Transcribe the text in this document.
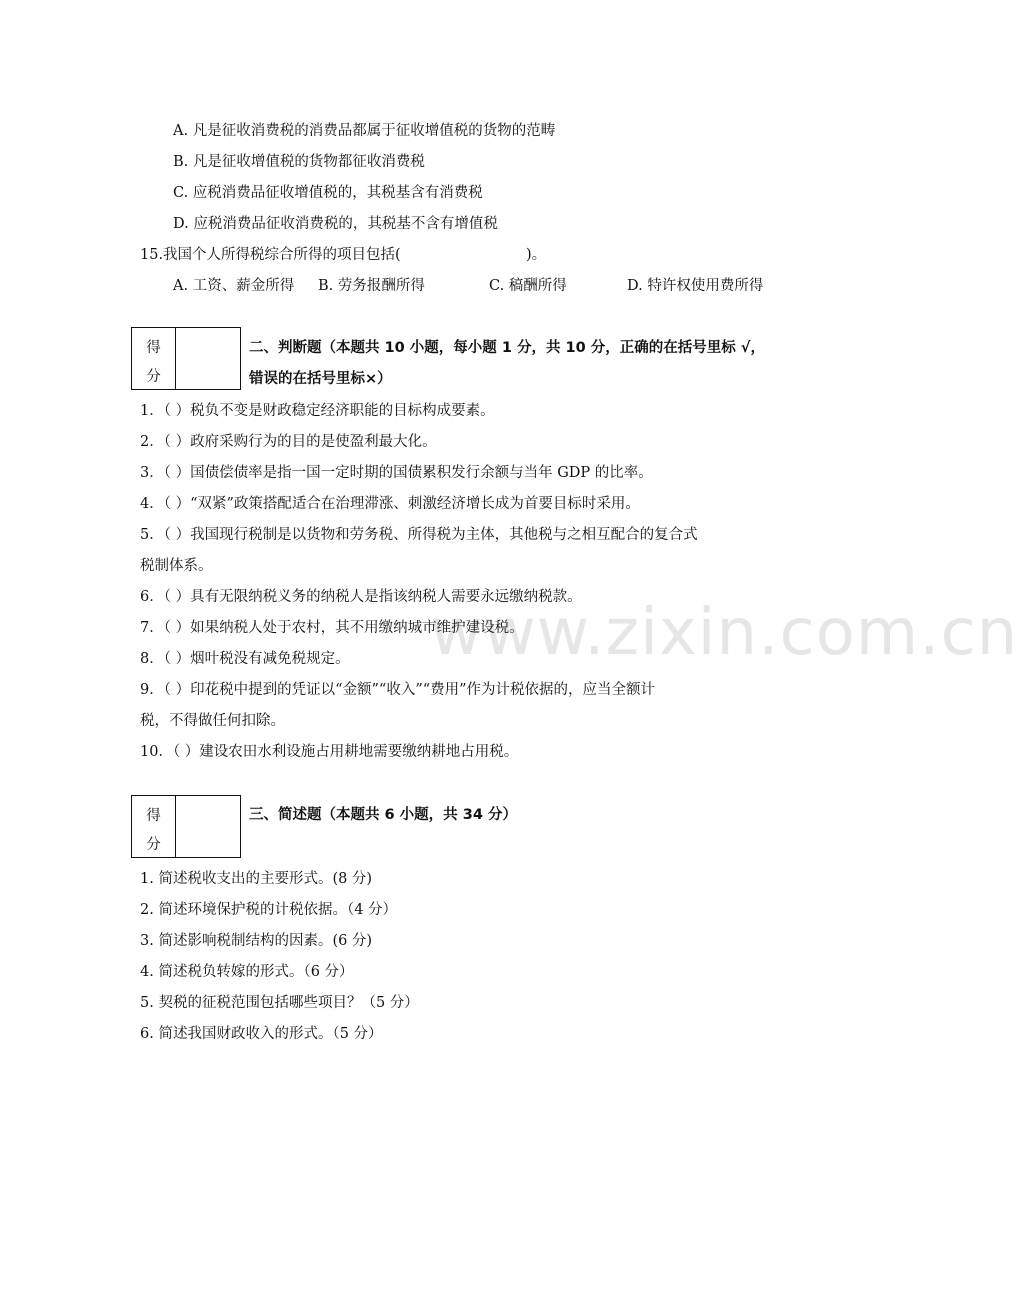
www.zixin.com.cn
A. 凡是征收消费税的消费品都属于征收增值税的货物的范畴
B. 凡是征收增值税的货物都征收消费税
C. 应税消费品征收增值税的，其税基含有消费税
D. 应税消费品征收消费税的，其税基不含有增值税
15.我国个人所得税综合所得的项目包括(	)。
A. 工资、薪金所得 B. 劳务报酬所得	C. 稿酬所得	D. 特许权使用费所得
得
分
二、判断题（本题共 10 小题，每小题 1 分，共 10 分，正确的在括号里标 √，
错误的在括号里标×）
1．（ ）税负不变是财政稳定经济职能的目标构成要素。
2．（ ）政府采购行为的目的是使盈利最大化。
3．（ ）国债偿债率是指一国一定时期的国债累积发行余额与当年 GDP 的比率。
4．（ ）“双紧”政策搭配适合在治理滞涨、刺激经济增长成为首要目标时采用。
5．（ ）我国现行税制是以货物和劳务税、所得税为主体，其他税与之相互配合的复合式
税制体系。
6．（ ）具有无限纳税义务的纳税人是指该纳税人需要永远缴纳税款。
7．（ ）如果纳税人处于农村，其不用缴纳城市维护建设税。
8．（ ）烟叶税没有减免税规定。
9．（ ）印花税中提到的凭证以“金额”“收入”“费用”作为计税依据的，应当全额计
税，不得做任何扣除。
10．（ ）建设农田水利设施占用耕地需要缴纳耕地占用税。
得
分
三、简述题（本题共 6 小题，共 34 分）
1. 简述税收支出的主要形式。(8 分)
2. 简述环境保护税的计税依据。（4 分）
3. 简述影响税制结构的因素。(6 分)
4. 简述税负转嫁的形式。（6 分）
5. 契税的征税范围包括哪些项目？（5 分）
6. 简述我国财政收入的形式。（5 分）
